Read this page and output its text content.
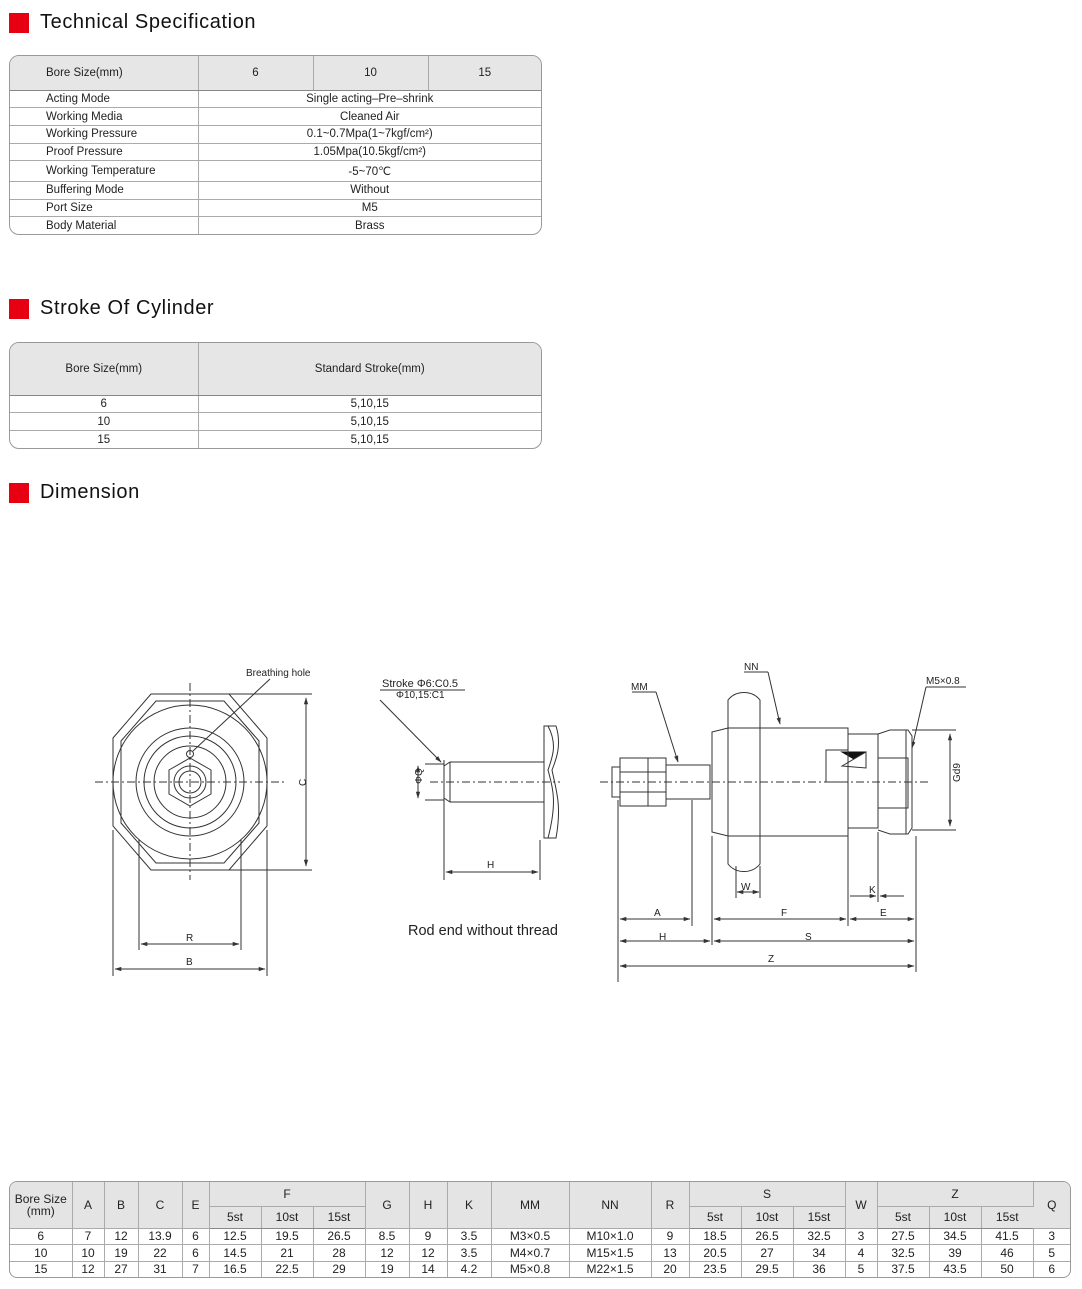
Technical Specification
Bore Size(mm)	6	10	15
Acting Mode	Single acting–Pre–shrink		
Working Media	Cleaned Air		
Working Pressure	0.1~0.7Mpa(1~7kgf/cm²)		
Proof Pressure	1.05Mpa(10.5kgf/cm²)		
Working Temperature	-5~70℃		
Buffering Mode	Without		
Port Size	M5		
Body Material	Brass		
Stroke Of Cylinder
Bore Size(mm)	Standard Stroke(mm)
6	5,10,15
10	5,10,15
15	5,10,15
Dimension
Breathing hole
C
R
B
Stroke Φ6:C0.5
Φ10,15:C1
ΦQ
H
MM
NN
M5×0.8
Gd9
W	K
A	F	E
H	S
Z
Rod end without thread
Bore Size
(mm)	A	B	C	E	F			G	H	K	MM	NN	R	S			W	Z			Q
					5st	10st	15st							5st	10st	15st		5st	10st	15st	
6	7	12	13.9	6	12.5	19.5	26.5	8.5	9	3.5	M3×0.5	M10×1.0	9	18.5	26.5	32.5	3	27.5	34.5	41.5	3
10	10	19	22	6	14.5	21	28	12	12	3.5	M4×0.7	M15×1.5	13	20.5	27	34	4	32.5	39	46	5
15	12	27	31	7	16.5	22.5	29	19	14	4.2	M5×0.8	M22×1.5	20	23.5	29.5	36	5	37.5	43.5	50	6
